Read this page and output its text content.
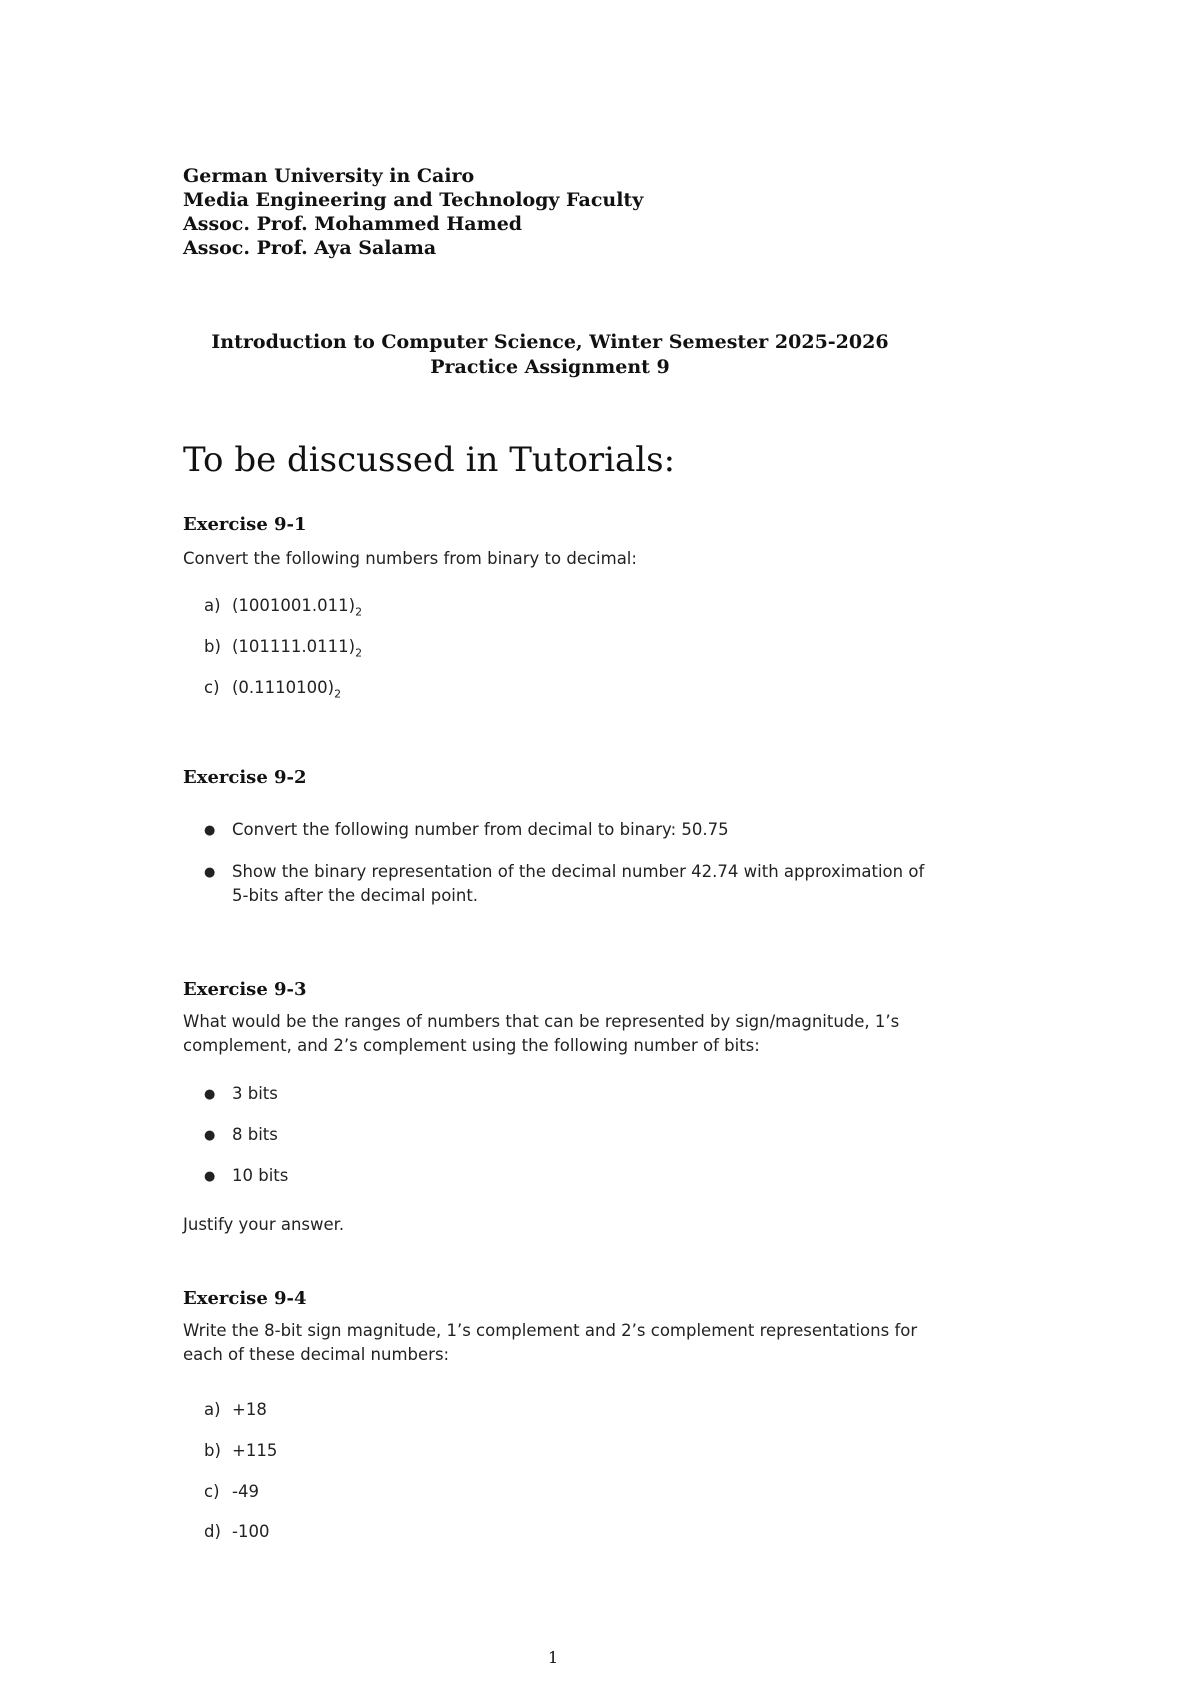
German University in Cairo
Media Engineering and Technology Faculty
Assoc. Prof. Mohammed Hamed
Assoc. Prof. Aya Salama
Introduction to Computer Science, Winter Semester 2025-2026
Practice Assignment 9
To be discussed in Tutorials:
Exercise 9-1
Convert the following numbers from binary to decimal:
a) $(1001001.011)_2$
b) $(101111.0111)_2$
c) $(0.1110100)_2$
Exercise 9-2
● Convert the following number from decimal to binary: 50.75
● Show the binary representation of the decimal number 42.74 with approximation of 5-bits after the decimal point.
Exercise 9-3
What would be the ranges of numbers that can be represented by sign/magnitude, 1’s complement, and 2’s complement using the following number of bits:
● 3 bits
● 8 bits
● 10 bits
Justify your answer.
Exercise 9-4
Write the 8-bit sign magnitude, 1’s complement and 2’s complement representations for each of these decimal numbers:
a) +18
b) +115
c) -49
d) -100
1
